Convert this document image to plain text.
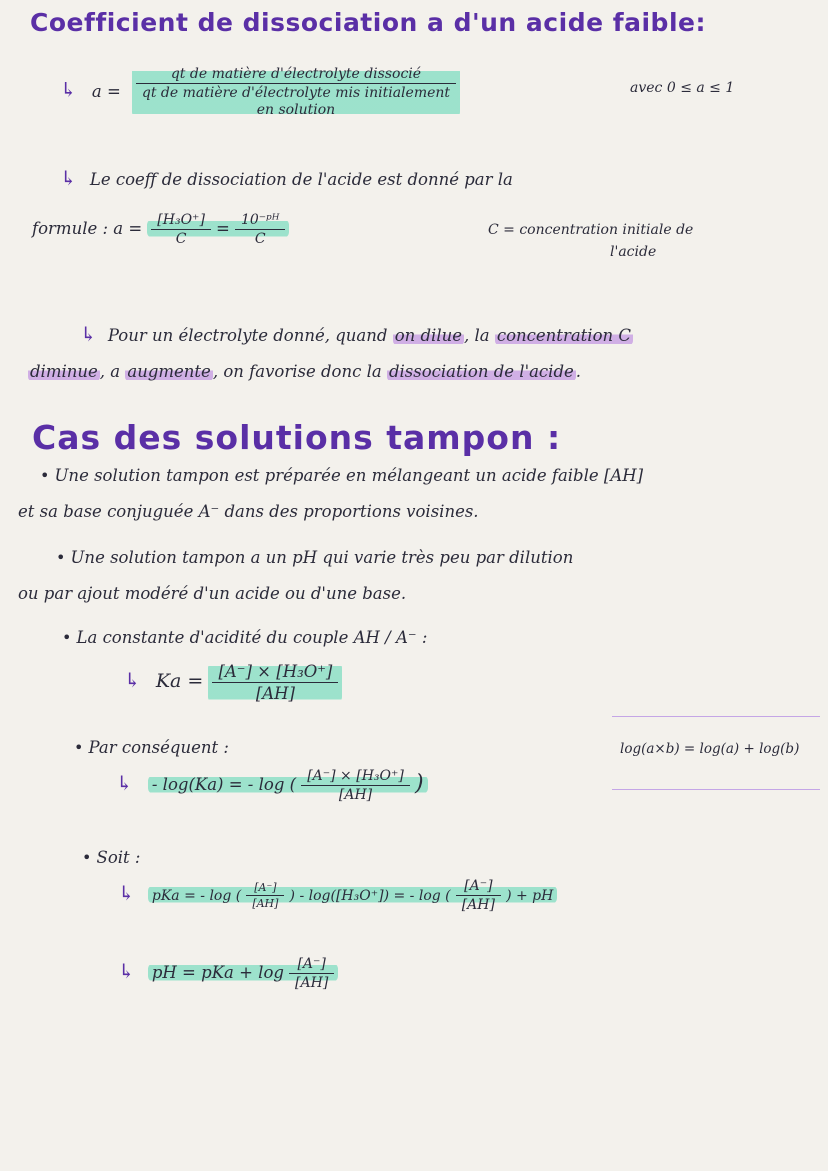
Coefficient de dissociation a d'un acide faible:
↳ a =
qt de matière d'électrolyte dissocié
qt de matière d'électrolyte mis initialement
en solution
avec 0 ≤ a ≤ 1
↳ Le coeff de dissociation de l'acide est donné par la
formule : $a = \frac{\text{[H₃O⁺]}}{C} = \frac{\text{10⁻ᵖᴴ}}{C}$	C = concentration initiale de
l'acide
↳ Pour un électrolyte donné, quand on dilue , la concentration C
diminue , a augmente , on favorise donc la dissociation de l'acide .
Cas des solutions tampon :
• Une solution tampon est préparée en mélangeant un acide faible [AH]
et sa base conjuguée A⁻ dans des proportions voisines.
• Une solution tampon a un pH qui varie très peu par dilution
ou par ajout modéré d'un acide ou d'une base.
• La constante d'acidité du couple AH / A⁻ :
↳ $Ka = \frac{\text{[A⁻] × [H₃O⁺]}}{[AH]}$
• Par conséquent :
↳ - log(Ka) = - log ( $\frac{\text{[A⁻] × [H₃O⁺]}}{[AH]}$ )
log(a×b) = log(a) + log(b)
• Soit :
↳ pKa = - log ( $\frac{[A^-]}{[AH]}$ ) - log([H₃O⁺]) = - log ( $\frac{[A^-]}{[AH]}$ ) + pH
↳ pH = pKa + $\log \frac{[A^-]}{[AH]}$
